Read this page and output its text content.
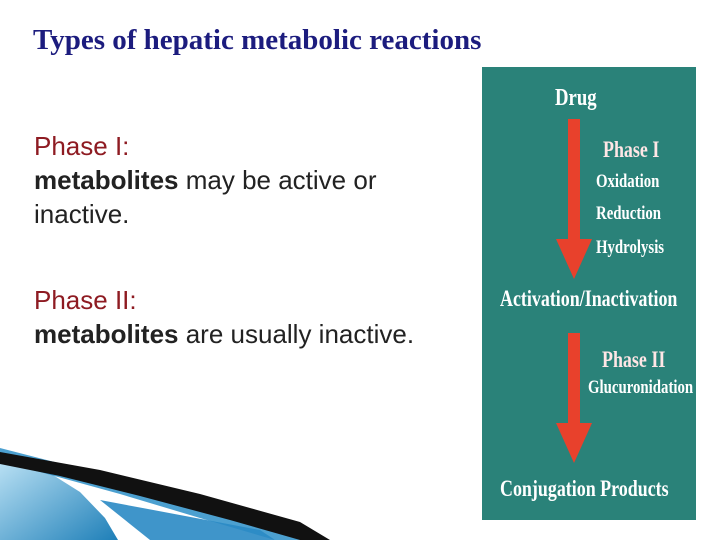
Types of hepatic metabolic reactions
Phase I:
metabolites may be active or inactive.
Phase II:
metabolites are usually inactive.

Drug

Phase I

Oxidation

Reduction

Hydrolysis

Activation/Inactivation

Phase II

Glucuronidation

Conjugation Products
